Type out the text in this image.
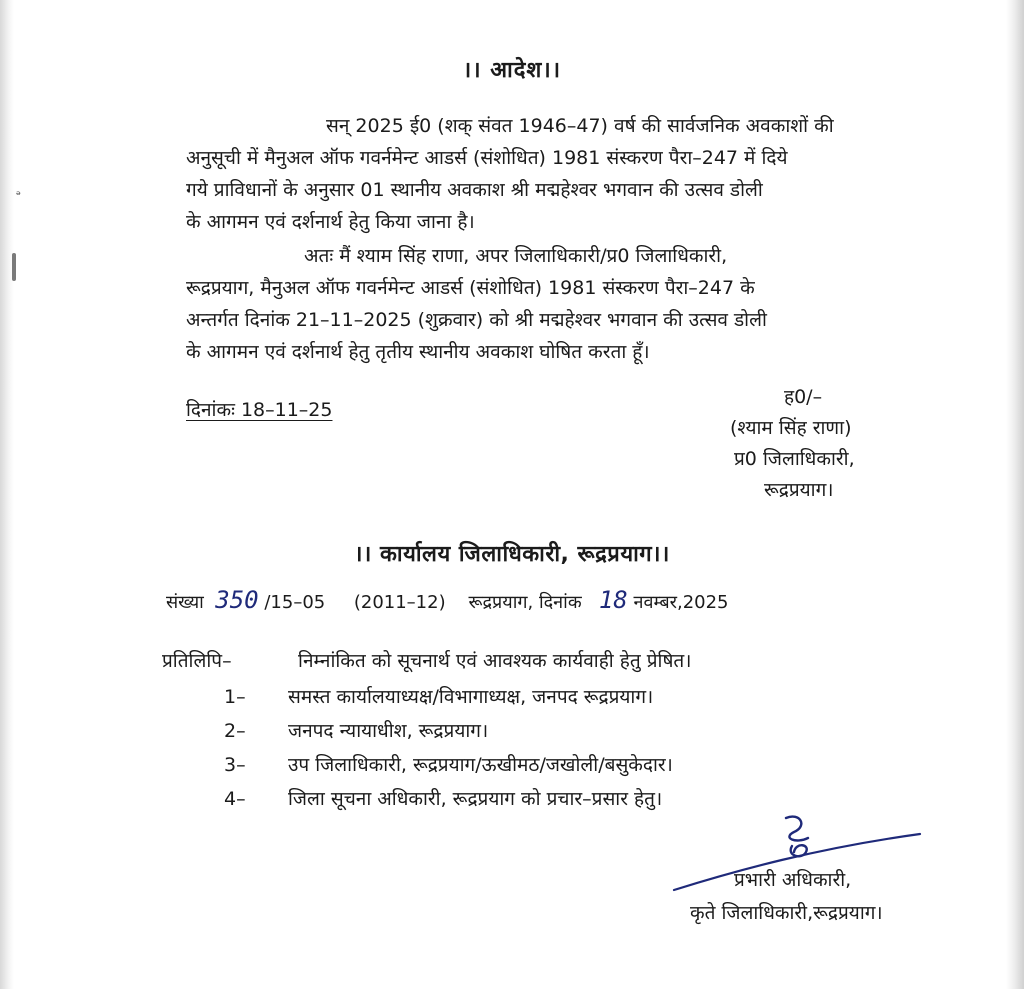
ᵊ
।। आदेश।।
सन् 2025 ई0 (शक् संवत 1946–47) वर्ष की सार्वजनिक अवकाशों की
अनुसूची में मैनुअल ऑफ गवर्नमेन्ट आडर्स (संशोधित) 1981 संस्करण पैरा–247 में दिये
गये प्राविधानों के अनुसार 01 स्थानीय अवकाश श्री मद्महेश्वर भगवान की उत्सव डोली
के आगमन एवं दर्शनार्थ हेतु किया जाना है।
अतः मैं श्याम सिंह राणा, अपर जिलाधिकारी/प्र0 जिलाधिकारी,
रूद्रप्रयाग, मैनुअल ऑफ गवर्नमेन्ट आडर्स (संशोधित) 1981 संस्करण पैरा–247 के
अन्तर्गत दिनांक 21–11–2025 (शुक्रवार) को श्री मद्महेश्वर भगवान की उत्सव डोली
के आगमन एवं दर्शनार्थ हेतु तृतीय स्थानीय अवकाश घोषित करता हूँ।
दिनांकः 18–11–25
ह0/–
(श्याम सिंह राणा)
प्र0 जिलाधिकारी,
रूद्रप्रयाग।
।। कार्यालय जिलाधिकारी, रूद्रप्रयाग।।
संख्या 350 /15–05 (2011–12) रूद्रप्रयाग, दिनांक 18 नवम्बर,2025
प्रतिलिपि–	निम्नांकित को सूचनार्थ एवं आवश्यक कार्यवाही हेतु प्रेषित।
1– समस्त कार्यालयाध्यक्ष/विभागाध्यक्ष, जनपद रूद्रप्रयाग।
2– जनपद न्यायाधीश, रूद्रप्रयाग।
3– उप जिलाधिकारी, रूद्रप्रयाग/ऊखीमठ/जखोली/बसुकेदार।
4– जिला सूचना अधिकारी, रूद्रप्रयाग को प्रचार–प्रसार हेतु।
प्रभारी अधिकारी,
कृते जिलाधिकारी,रूद्रप्रयाग।
